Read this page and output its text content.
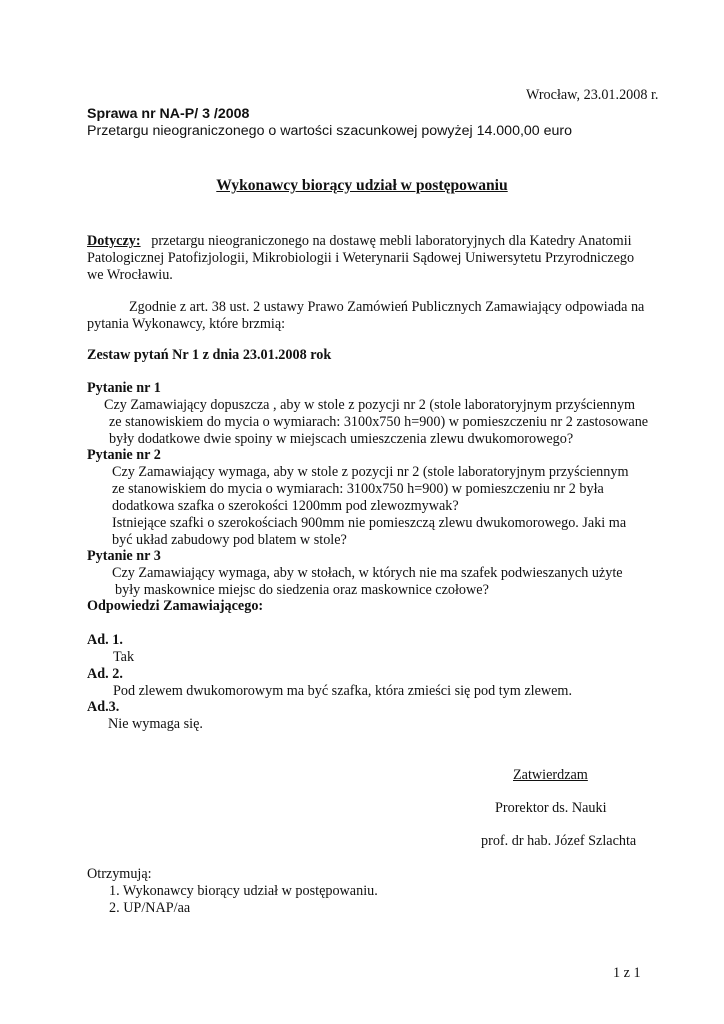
Wrocław, 23.01.2008 r.
Sprawa nr NA-P/ 3 /2008
Przetargu nieograniczonego o wartości szacunkowej powyżej 14.000,00 euro
Wykonawcy biorący udział w postępowaniu
Dotyczy: przetargu nieograniczonego na dostawę mebli laboratoryjnych dla Katedry Anatomii
Patologicznej Patofizjologii, Mikrobiologii i Weterynarii Sądowej Uniwersytetu Przyrodniczego
we Wrocławiu.
Zgodnie z art. 38 ust. 2 ustawy Prawo Zamówień Publicznych Zamawiający odpowiada na
pytania Wykonawcy, które brzmią:
Zestaw pytań Nr 1 z dnia 23.01.2008 rok
Pytanie nr 1
Czy Zamawiający dopuszcza , aby w stole z pozycji nr 2 (stole laboratoryjnym przyściennym
ze stanowiskiem do mycia o wymiarach: 3100x750 h=900) w pomieszczeniu nr 2 zastosowane
były dodatkowe dwie spoiny w miejscach umieszczenia zlewu dwukomorowego?
Pytanie nr 2
Czy Zamawiający wymaga, aby w stole z pozycji nr 2 (stole laboratoryjnym przyściennym
ze stanowiskiem do mycia o wymiarach: 3100x750 h=900) w pomieszczeniu nr 2 była
dodatkowa szafka o szerokości 1200mm pod zlewozmywak?
Istniejące szafki o szerokościach 900mm nie pomieszczą zlewu dwukomorowego. Jaki ma
być układ zabudowy pod blatem w stole?
Pytanie nr 3
Czy Zamawiający wymaga, aby w stołach, w których nie ma szafek podwieszanych użyte
były maskownice miejsc do siedzenia oraz maskownice czołowe?
Odpowiedzi Zamawiającego:
Ad. 1.
Tak
Ad. 2.
Pod zlewem dwukomorowym ma być szafka, która zmieści się pod tym zlewem.
Ad.3.
Nie wymaga się.
Zatwierdzam
Prorektor ds. Nauki
prof. dr hab. Józef Szlachta
Otrzymują:
1. Wykonawcy biorący udział w postępowaniu.
2. UP/NAP/aa
1 z 1
